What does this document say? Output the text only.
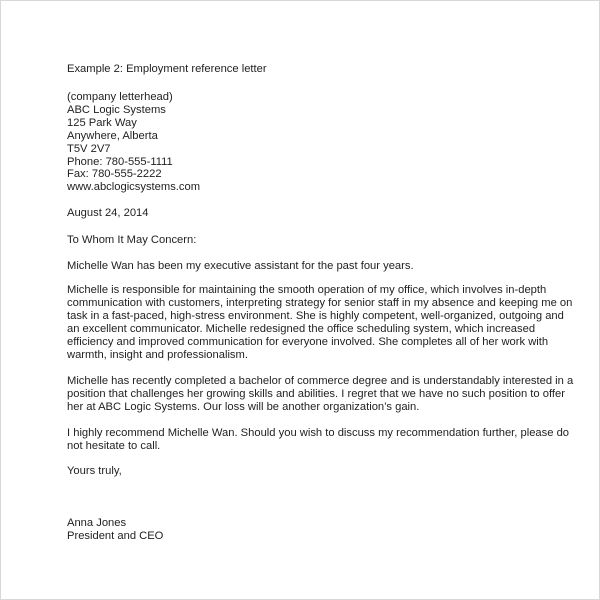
Example 2: Employment reference letter
(company letterhead)
ABC Logic Systems
125 Park Way
Anywhere, Alberta
T5V 2V7
Phone: 780-555-1111
Fax: 780-555-2222
www.abclogicsystems.com
August 24, 2014
To Whom It May Concern:

Michelle Wan has been my executive assistant for the past four years.

Michelle is responsible for maintaining the smooth operation of my office, which involves in-depth communication with customers, interpreting strategy for senior staff in my absence and keeping me on task in a fast-paced, high-stress environment. She is highly competent, well-organized, outgoing and an excellent communicator. Michelle redesigned the office scheduling system, which increased efficiency and improved communication for everyone involved. She completes all of her work with warmth, insight and professionalism.

Michelle has recently completed a bachelor of commerce degree and is understandably interested in a position that challenges her growing skills and abilities. I regret that we have no such position to offer her at ABC Logic Systems. Our loss will be another organization’s gain.

I highly recommend Michelle Wan. Should you wish to discuss my recommendation further, please do not hesitate to call.

Yours truly,
Anna Jones
President and CEO
